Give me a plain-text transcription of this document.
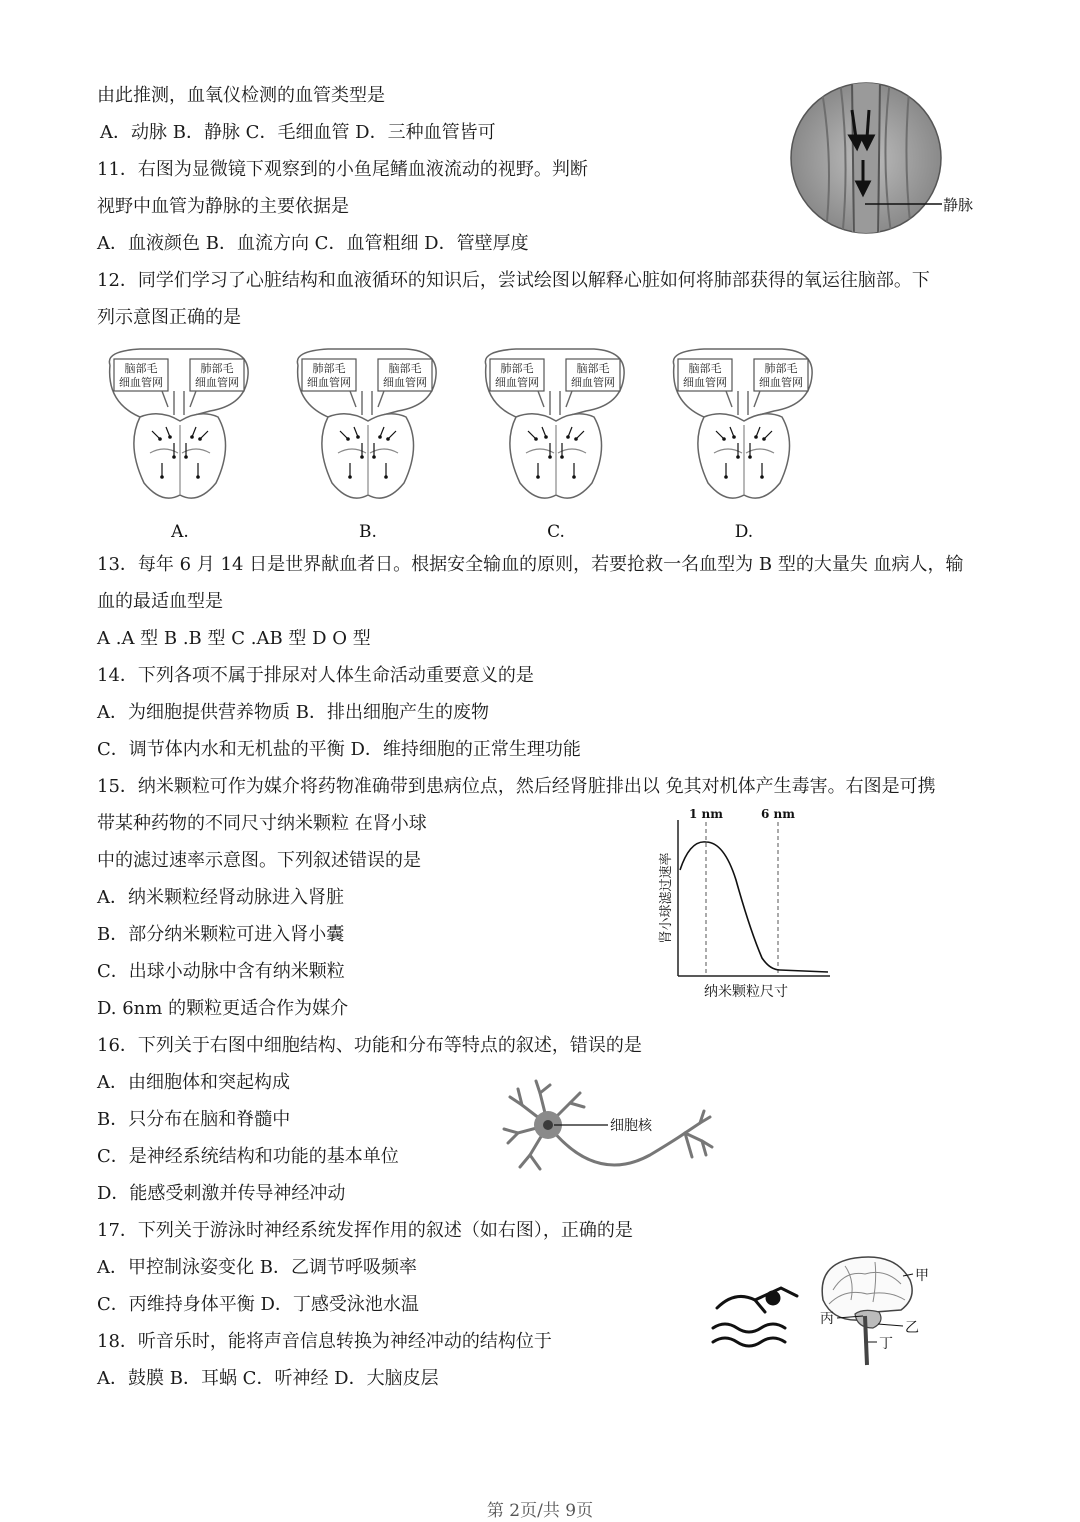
由此推测，血氧仪检测的血管类型是
A．动脉 B．静脉 C．毛细血管 D．三种血管皆可
11．右图为显微镜下观察到的小鱼尾鳍血液流动的视野。判断
视野中血管为静脉的主要依据是
A．血液颜色 B．血流方向 C．血管粗细 D．管壁厚度
12．同学们学习了心脏结构和血液循环的知识后，尝试绘图以解释心脏如何将肺部获得的氧运往脑部。下
列示意图正确的是
13．每年 6 月 14 日是世界献血者日。根据安全输血的原则，若要抢救一名血型为 B 型的大量失 血病人，输
血的最适血型是
A .A 型 B .B 型 C .AB 型 D O 型
14．下列各项不属于排尿对人体生命活动重要意义的是
A．为细胞提供营养物质 B．排出细胞产生的废物
C．调节体内水和无机盐的平衡 D．维持细胞的正常生理功能
15．纳米颗粒可作为媒介将药物准确带到患病位点，然后经肾脏排出以 免其对机体产生毒害。右图是可携
带某种药物的不同尺寸纳米颗粒 在肾小球
中的滤过速率示意图。下列叙述错误的是
A．纳米颗粒经肾动脉进入肾脏
B．部分纳米颗粒可进入肾小囊
C．出球小动脉中含有纳米颗粒
D. 6nm 的颗粒更适合作为媒介
16．下列关于右图中细胞结构、功能和分布等特点的叙述，错误的是
A．由细胞体和突起构成
B．只分布在脑和脊髓中
C．是神经系统结构和功能的基本单位
D．能感受刺激并传导神经冲动
17．下列关于游泳时神经系统发挥作用的叙述（如右图），正确的是
A．甲控制泳姿变化 B．乙调节呼吸频率
C．丙维持身体平衡 D．丁感受泳池水温
18．听音乐时，能将声音信息转换为神经冲动的结构位于
A．鼓膜 B．耳蜗 C．听神经 D．大脑皮层
静脉
脑部毛
细血管网
肺部毛
细血管网
A.
肺部毛
细血管网
脑部毛
细血管网
B.
肺部毛
细血管网
脑部毛
细血管网
C.
脑部毛
细血管网
肺部毛
细血管网
D.
1 nm	6 nm
肾小球滤过速率
纳米颗粒尺寸
细胞核
甲
乙
丙
丁
第 2页/共 9页
